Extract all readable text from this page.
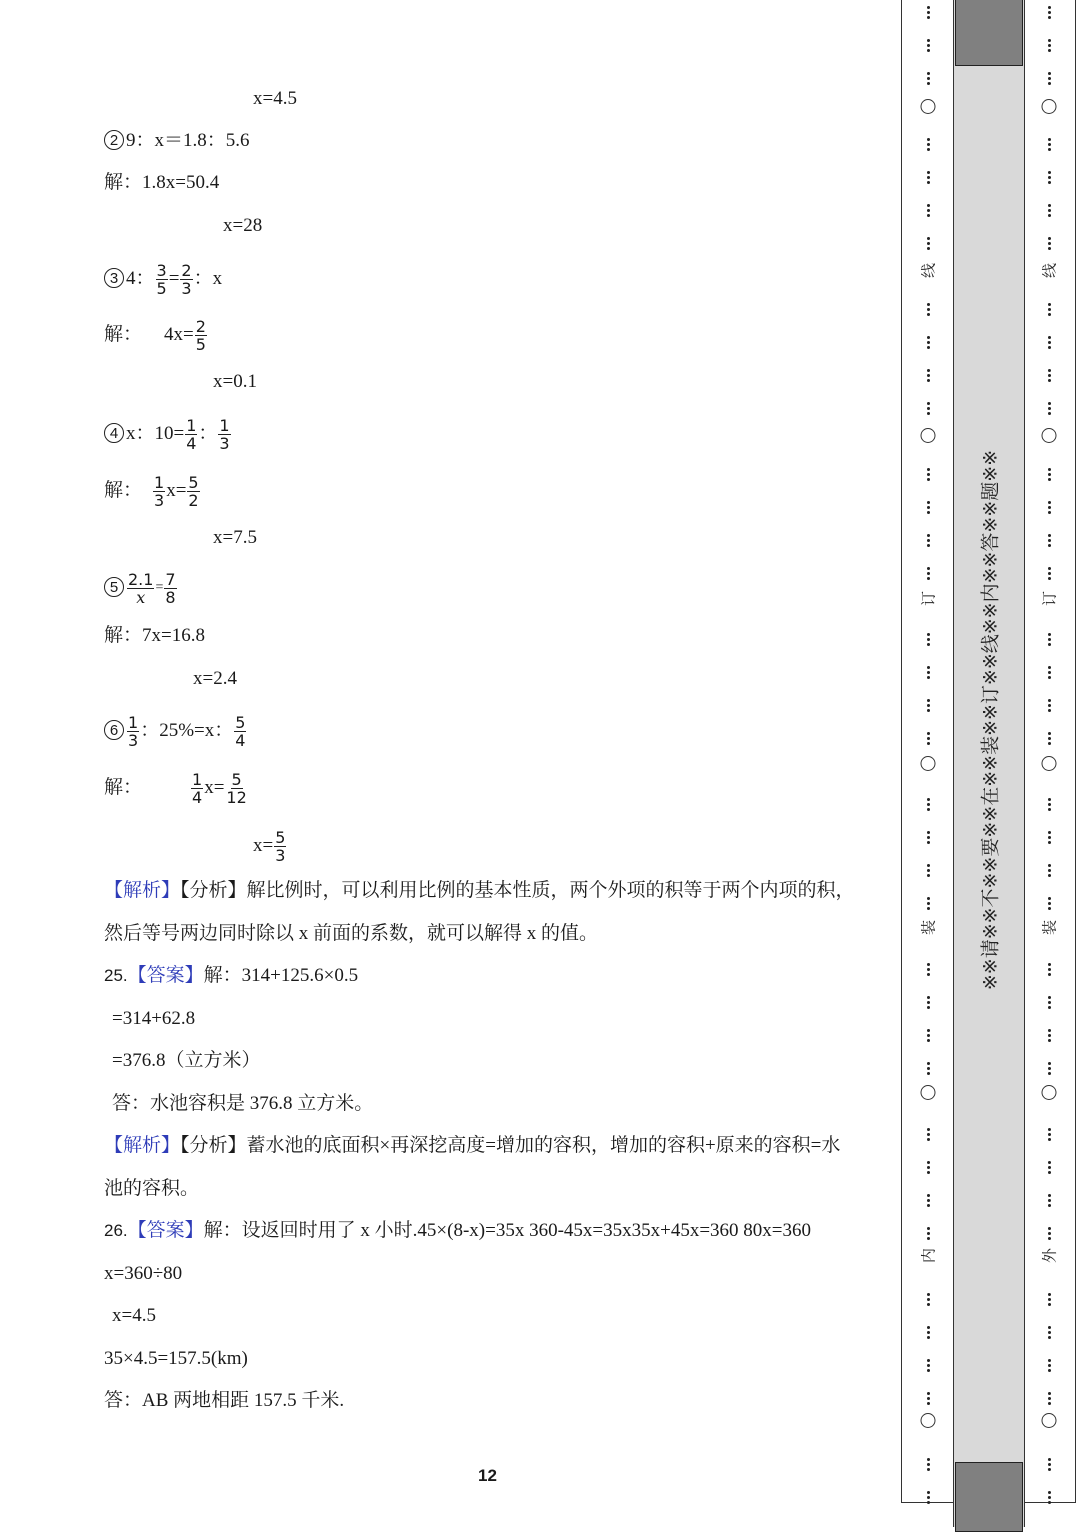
x=4.5
2 9：x＝1.8：5.6
解：1.8x=50.4
x=28
3 4： $\frac{3}{5} = \frac{2}{3}$ ：x
解： $4x= \frac{2}{5}$
x=0.1
4 x：$10= \frac{1}{4}$ ： $\frac{1}{3}$
解： $\frac{1}{3} x= \frac{5}{2}$
x=7.5
$5 \frac{2.1}{x} = \frac{7}{8}$
解：7x=16.8
x=2.4
$6 \frac{1}{3}$ ：25%=x： $\frac{5}{4}$
解：	$\frac{1}{4} x= \frac{5}{12}$
$x= \frac{5}{3}$
【解析】【分析】解比例时，可以利用比例的基本性质，两个外项的积等于两个内项的积，
然后等号两边同时除以 x 前面的系数，就可以解得 x 的值。
25.【答案】解：314+125.6×0.5
=314+62.8
=376.8（立方米）
答：水池容积是 376.8 立方米。
【解析】【分析】蓄水池的底面积×再深挖高度=增加的容积，增加的容积+原来的容积=水
池的容积。
26.【答案】解：设返回时用了 x 小时.45×(8-x)=35x 360-45x=35x35x+45x=360 80x=360
x=360÷80
x=4.5
35×4.5=157.5(km)
答：AB 两地相距 157.5 千米.
12
※※请※※不※※要※※在※※装※※订※※线※※内※※答※※题※※
线
订
装
内
线
订
装
外
